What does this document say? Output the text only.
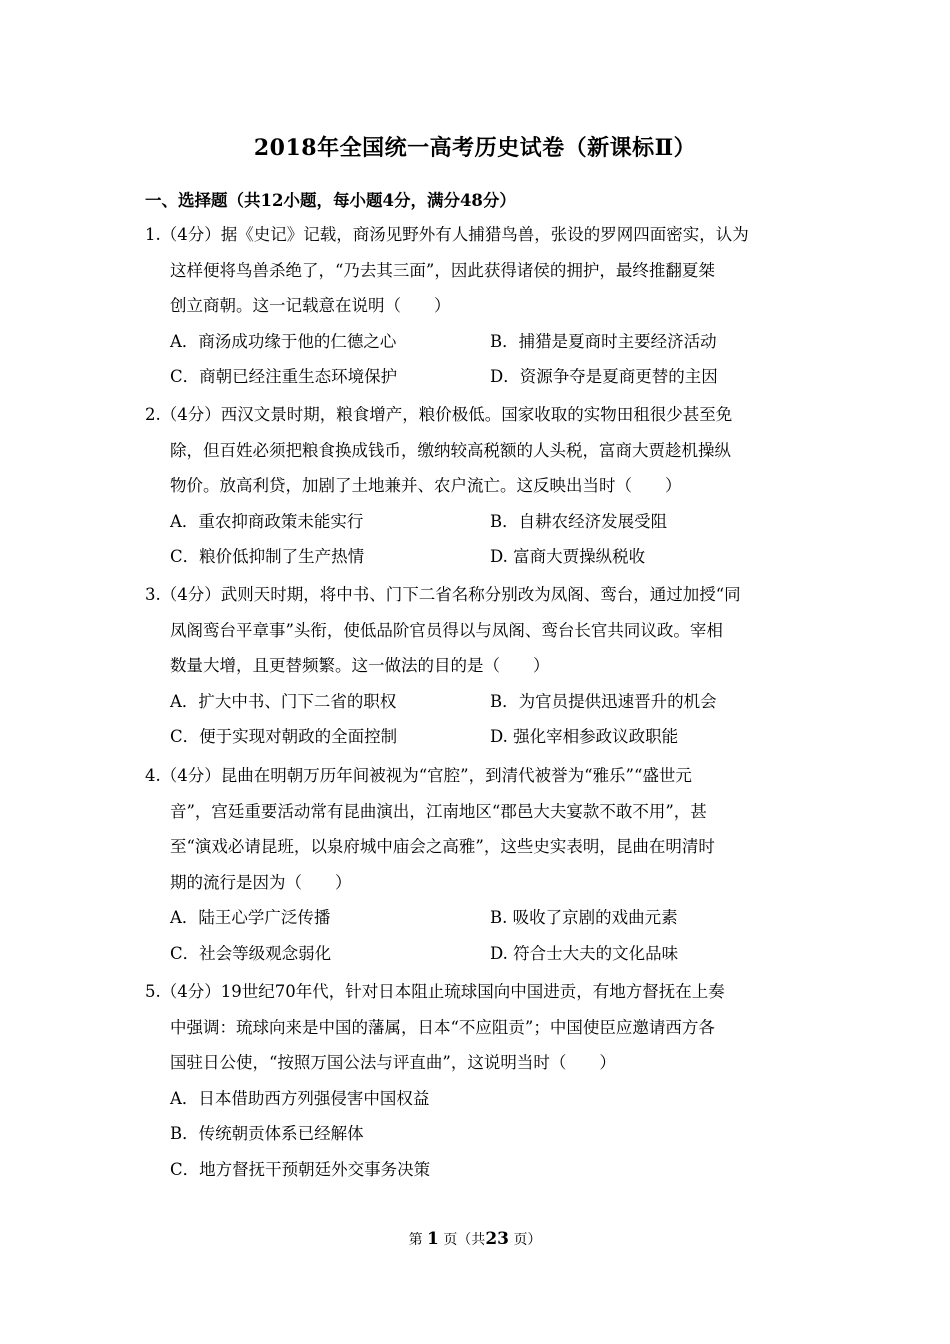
2018年全国统一高考历史试卷（新课标Ⅱ）
一、选择题（共12小题，每小题4分，满分48分）
1.（4分）据《史记》记载，商汤见野外有人捕猎鸟兽，张设的罗网四面密实，认为
这样便将鸟兽杀绝了，“乃去其三面”，因此获得诸侯的拥护，最终推翻夏桀
创立商朝。这一记载意在说明（　　）
A．商汤成功缘于他的仁德之心	B．捕猎是夏商时主要经济活动
C．商朝已经注重生态环境保护	D．资源争夺是夏商更替的主因
2.（4分）西汉文景时期，粮食增产，粮价极低。国家收取的实物田租很少甚至免
除，但百姓必须把粮食换成钱币，缴纳较高税额的人头税，富商大贾趁机操纵
物价。放高利贷，加剧了土地兼并、农户流亡。这反映出当时（　　）
A．重农抑商政策未能实行	B．自耕农经济发展受阻
C．粮价低抑制了生产热情	D. 富商大贾操纵税收
3.（4分）武则天时期，将中书、门下二省名称分别改为凤阁、鸾台，通过加授“同
凤阁鸾台平章事”头衔，使低品阶官员得以与凤阁、鸾台长官共同议政。宰相
数量大增，且更替频繁。这一做法的目的是（　　）
A．扩大中书、门下二省的职权	B．为官员提供迅速晋升的机会
C．便于实现对朝政的全面控制	D. 强化宰相参政议政职能
4.（4分）昆曲在明朝万历年间被视为“官腔”，到清代被誉为“雅乐”“盛世元
音”，宫廷重要活动常有昆曲演出，江南地区“郡邑大夫宴款不敢不用”，甚
至“演戏必请昆班，以泉府城中庙会之高雅”，这些史实表明，昆曲在明清时
期的流行是因为（　　）
A．陆王心学广泛传播	B. 吸收了京剧的戏曲元素
C．社会等级观念弱化	D. 符合士大夫的文化品味
5.（4分）19世纪70年代，针对日本阻止琉球国向中国进贡，有地方督抚在上奏
中强调：琉球向来是中国的藩属，日本“不应阻贡”；中国使臣应邀请西方各
国驻日公使，“按照万国公法与评直曲”，这说明当时（　　）
A．日本借助西方列强侵害中国权益
B．传统朝贡体系已经解体
C．地方督抚干预朝廷外交事务决策
第 1 页（共23 页）
